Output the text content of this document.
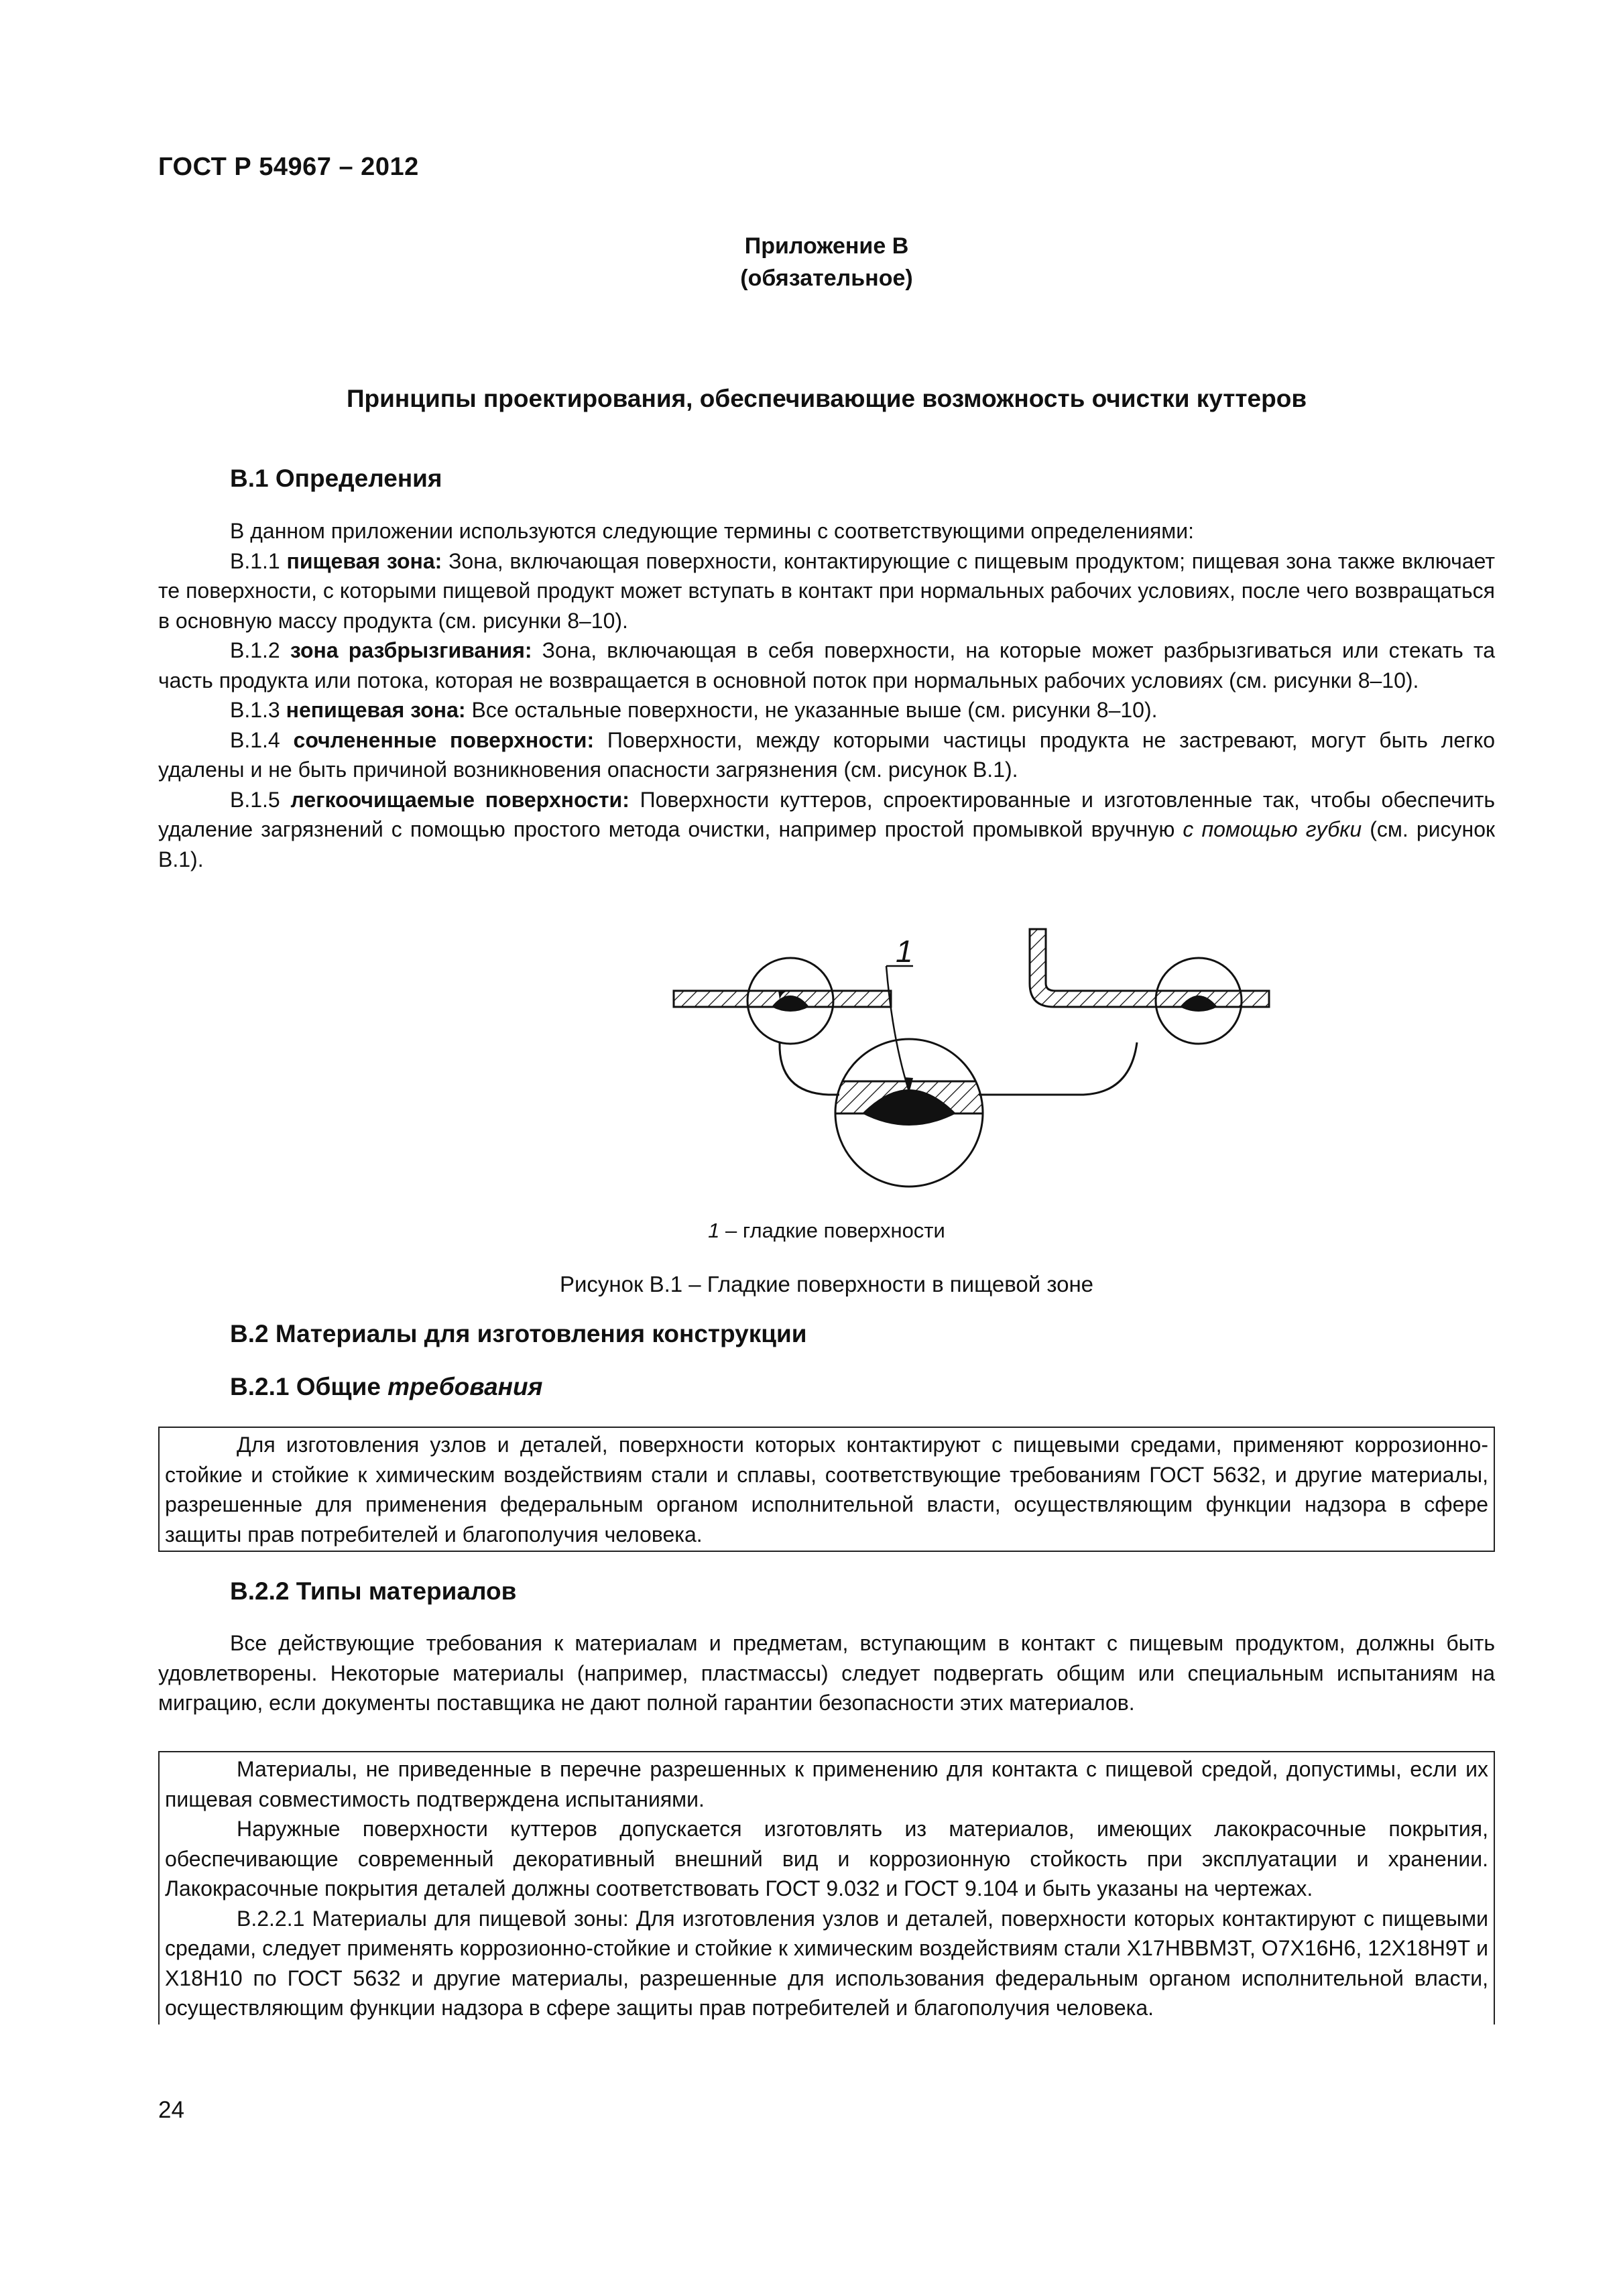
ГОСТ Р 54967 – 2012
Приложение В
(обязательное)
Принципы проектирования, обеспечивающие возможность очистки куттеров
В.1 Определения

В данном приложении используются следующие термины с соответствующими определениями:

В.1.1 пищевая зона: Зона, включающая поверхности, контактирующие с пищевым продуктом; пищевая зона также включает те поверхности, с которыми пищевой продукт может вступать в контакт при нормальных рабочих условиях, после чего возвращаться в основную массу продукта (см. рисунки 8–10).

В.1.2 зона разбрызгивания: Зона, включающая в себя поверхности, на которые может разбрызгиваться или стекать та часть продукта или потока, которая не возвращается в основной поток при нормальных рабочих условиях (см. рисунки 8–10).

В.1.3 непищевая зона: Все остальные поверхности, не указанные выше (см. рисунки 8–10).

В.1.4 сочлененные поверхности: Поверхности, между которыми частицы продукта не застревают, могут быть легко удалены и не быть причиной возникновения опасности загрязнения (см. рисунок В.1).

В.1.5 легкоочищаемые поверхности: Поверхности куттеров, спроектированные и изготовленные так, чтобы обеспечить удаление загрязнений с помощью простого метода очистки, например простой промывкой вручную с помощью губки (см. рисунок В.1).

1
1 – гладкие поверхности
Рисунок В.1 – Гладкие поверхности в пищевой зоне
В.2 Материалы для изготовления конструкции
В.2.1 Общие требования

Для изготовления узлов и деталей, поверхности которых контактируют с пищевыми средами, применяют коррозионно-стойкие и стойкие к химическим воздействиям стали и сплавы, соответствующие требованиям ГОСТ 5632, и другие материалы, разрешенные для применения федеральным органом исполнительной власти, осуществляющим функции надзора в сфере защиты прав потребителей и благополучия человека.

В.2.2 Типы материалов

Все действующие требования к материалам и предметам, вступающим в контакт с пищевым продуктом, должны быть удовлетворены. Некоторые материалы (например, пластмассы) следует подвергать общим или специальным испытаниям на миграцию, если документы поставщика не дают полной гарантии безопасности этих материалов.

Материалы, не приведенные в перечне разрешенных к применению для контакта с пищевой средой, допустимы, если их пищевая совместимость подтверждена испытаниями.

Наружные поверхности куттеров допускается изготовлять из материалов, имеющих лакокрасочные покрытия, обеспечивающие современный декоративный внешний вид и коррозионную стойкость при эксплуатации и хранении. Лакокрасочные покрытия деталей должны соответствовать ГОСТ 9.032 и ГОСТ 9.104 и быть указаны на чертежах.

В.2.2.1 Материалы для пищевой зоны: Для изготовления узлов и деталей, поверхности которых контактируют с пищевыми средами, следует применять коррозионно-стойкие и стойкие к химическим воздействиям стали Х17НВВМ3Т, О7Х16Н6, 12Х18Н9Т и Х18Н10 по ГОСТ 5632 и другие материалы, разрешенные для использования федеральным органом исполнительной власти, осуществляющим функции надзора в сфере защиты прав потребителей и благополучия человека.

24
